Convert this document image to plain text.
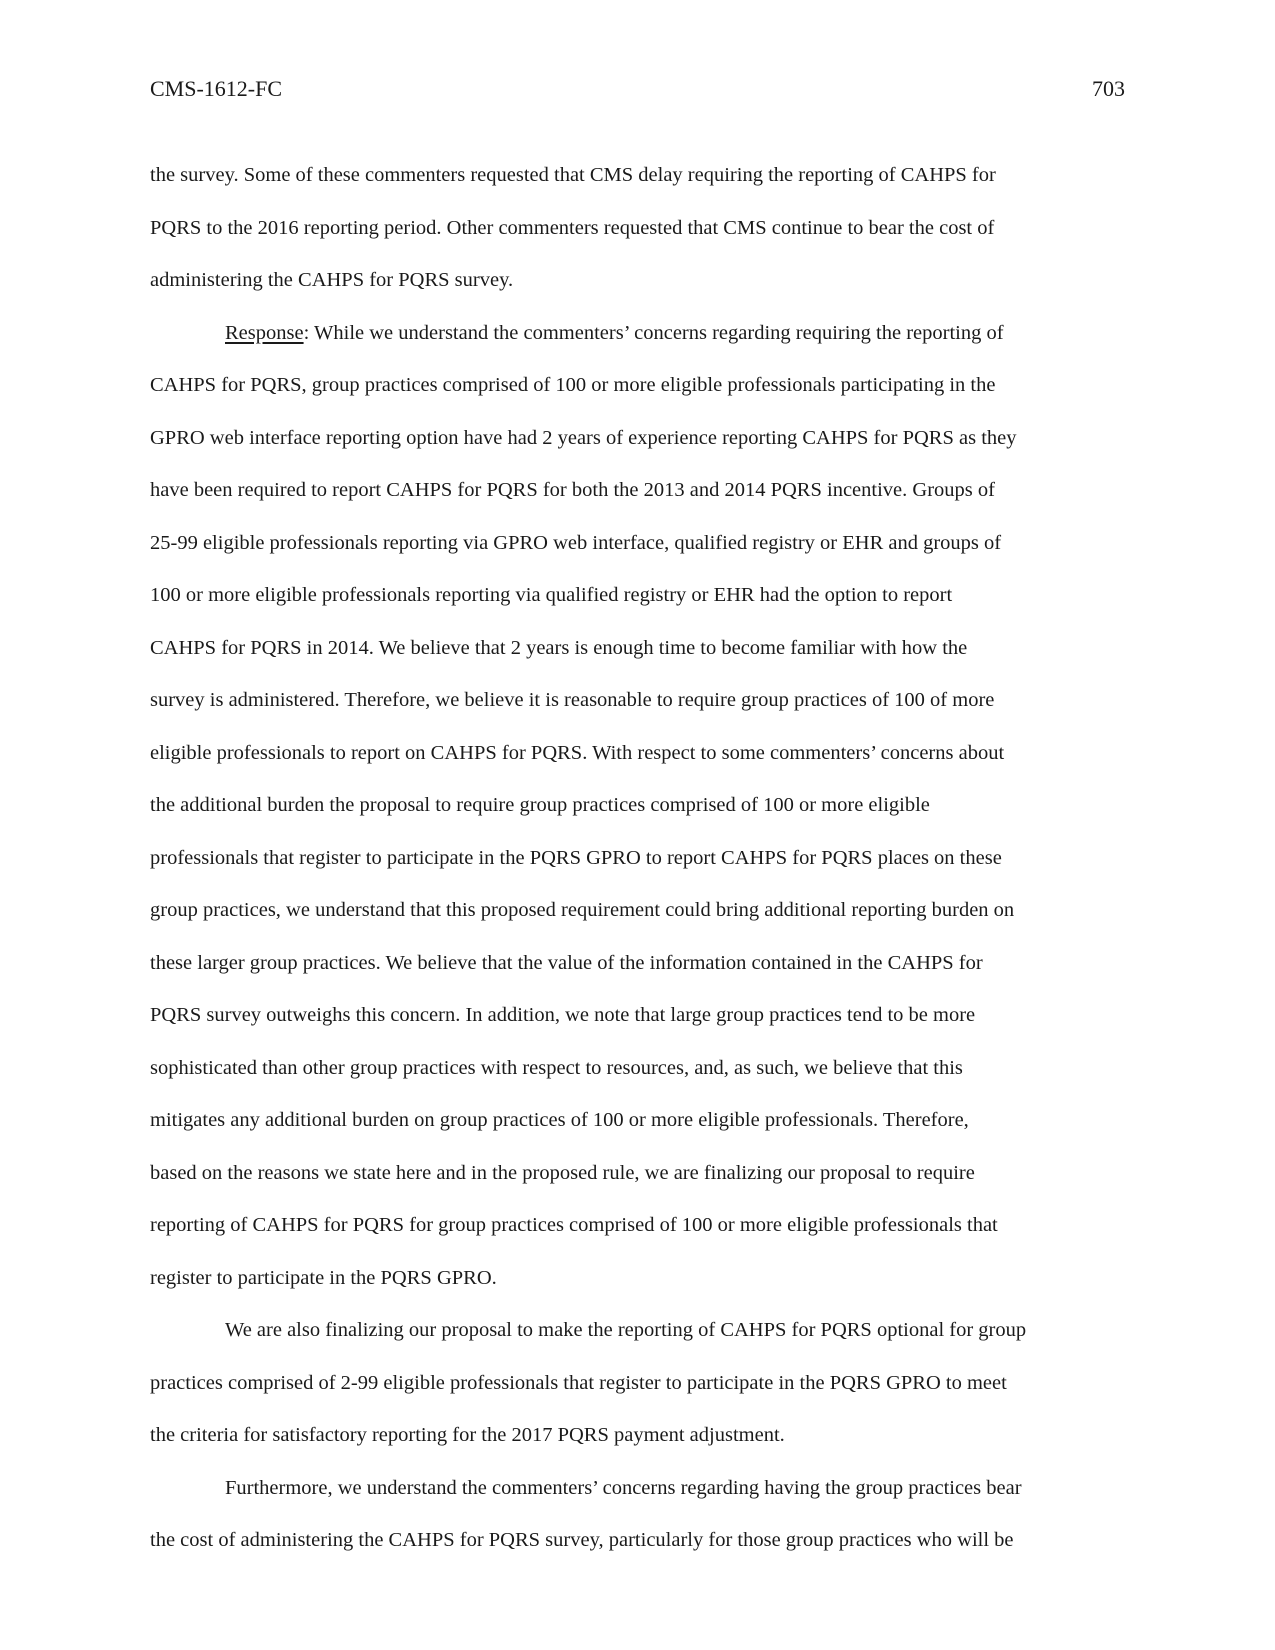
CMS-1612-FC	703
the survey. Some of these commenters requested that CMS delay requiring the reporting of CAHPS for
PQRS to the 2016 reporting period. Other commenters requested that CMS continue to bear the cost of
administering the CAHPS for PQRS survey.
Response: While we understand the commenters’ concerns regarding requiring the reporting of
CAHPS for PQRS, group practices comprised of 100 or more eligible professionals participating in the
GPRO web interface reporting option have had 2 years of experience reporting CAHPS for PQRS as they
have been required to report CAHPS for PQRS for both the 2013 and 2014 PQRS incentive. Groups of
25-99 eligible professionals reporting via GPRO web interface, qualified registry or EHR and groups of
100 or more eligible professionals reporting via qualified registry or EHR had the option to report
CAHPS for PQRS in 2014. We believe that 2 years is enough time to become familiar with how the
survey is administered. Therefore, we believe it is reasonable to require group practices of 100 of more
eligible professionals to report on CAHPS for PQRS. With respect to some commenters’ concerns about
the additional burden the proposal to require group practices comprised of 100 or more eligible
professionals that register to participate in the PQRS GPRO to report CAHPS for PQRS places on these
group practices, we understand that this proposed requirement could bring additional reporting burden on
these larger group practices. We believe that the value of the information contained in the CAHPS for
PQRS survey outweighs this concern. In addition, we note that large group practices tend to be more
sophisticated than other group practices with respect to resources, and, as such, we believe that this
mitigates any additional burden on group practices of 100 or more eligible professionals. Therefore,
based on the reasons we state here and in the proposed rule, we are finalizing our proposal to require
reporting of CAHPS for PQRS for group practices comprised of 100 or more eligible professionals that
register to participate in the PQRS GPRO.
We are also finalizing our proposal to make the reporting of CAHPS for PQRS optional for group
practices comprised of 2-99 eligible professionals that register to participate in the PQRS GPRO to meet
the criteria for satisfactory reporting for the 2017 PQRS payment adjustment.
Furthermore, we understand the commenters’ concerns regarding having the group practices bear
the cost of administering the CAHPS for PQRS survey, particularly for those group practices who will be
